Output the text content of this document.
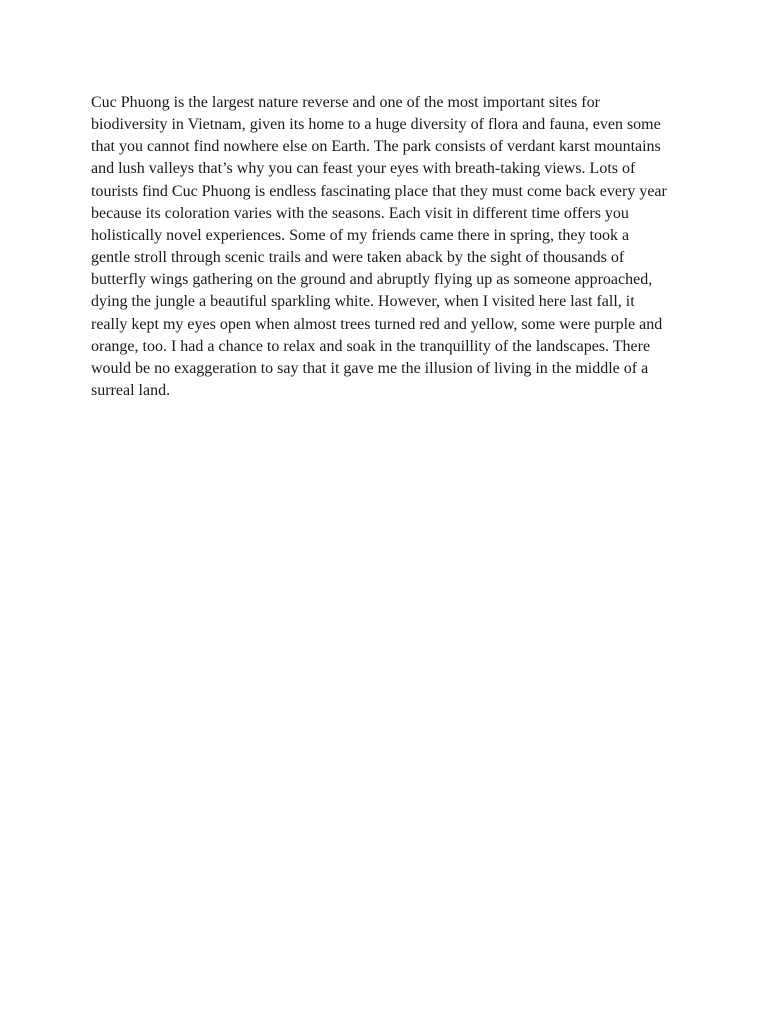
Cuc Phuong is the largest nature reverse and one of the most important sites for
biodiversity in Vietnam, given its home to a huge diversity of flora and fauna, even some
that you cannot find nowhere else on Earth. The park consists of verdant karst mountains
and lush valleys that’s why you can feast your eyes with breath-taking views. Lots of
tourists find Cuc Phuong is endless fascinating place that they must come back every year
because its coloration varies with the seasons. Each visit in different time offers you
holistically novel experiences. Some of my friends came there in spring, they took a
gentle stroll through scenic trails and were taken aback by the sight of thousands of
butterfly wings gathering on the ground and abruptly flying up as someone approached,
dying the jungle a beautiful sparkling white. However, when I visited here last fall, it
really kept my eyes open when almost trees turned red and yellow, some were purple and
orange, too. I had a chance to relax and soak in the tranquillity of the landscapes. There
would be no exaggeration to say that it gave me the illusion of living in the middle of a
surreal land.
